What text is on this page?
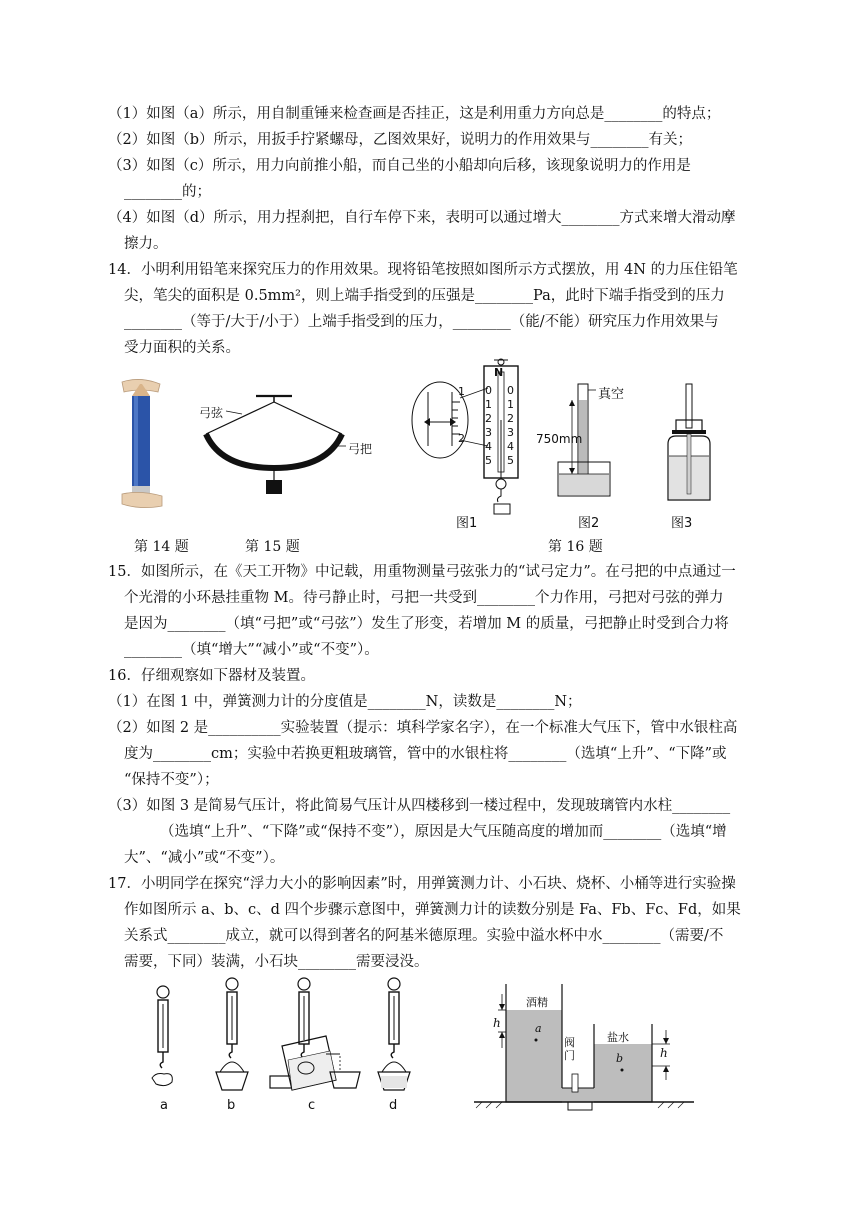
（1）如图（a）所示，用自制重锤来检查画是否挂正，这是利用重力方向总是________的特点；
（2）如图（b）所示，用扳手拧紧螺母，乙图效果好，说明力的作用效果与________有关；
（3）如图（c）所示，用力向前推小船，而自己坐的小船却向后移，该现象说明力的作用是
________的；
（4）如图（d）所示，用力捏刹把，自行车停下来，表明可以通过增大________方式来增大滑动摩
擦力。
14．小明利用铅笔来探究压力的作用效果。现将铅笔按照如图所示方式摆放，用 4N 的力压住铅笔
尖，笔尖的面积是 0.5mm²，则上端手指受到的压强是________Pa，此时下端手指受到的压力
________（等于/大于/小于）上端手指受到的压力，________（能/不能）研究压力作用效果与
受力面积的关系。
15．如图所示，在《天工开物》中记载，用重物测量弓弦张力的“试弓定力”。在弓把的中点通过一
个光滑的小环悬挂重物 M。待弓静止时，弓把一共受到________个力作用，弓把对弓弦的弹力
是因为________（填“弓把”或“弓弦”）发生了形变，若增加 M 的质量，弓把静止时受到合力将
________（填“增大”“减小”或“不变”）。
16．仔细观察如下器材及装置。
（1）在图 1 中，弹簧测力计的分度值是________N，读数是________N；
（2）如图 2 是__________实验装置（提示：填科学家名字），在一个标准大气压下，管中水银柱高
度为________cm；实验中若换更粗玻璃管，管中的水银柱将________（选填“上升”、“下降”或
“保持不变”）；
（3）如图 3 是简易气压计，将此简易气压计从四楼移到一楼过程中，发现玻璃管内水柱________
（选填“上升”、“下降”或“保持不变”），原因是大气压随高度的增加而________（选填“增
大”、“减小”或“不变”）。
17．小明同学在探究“浮力大小的影响因素”时，用弹簧测力计、小石块、烧杯、小桶等进行实验操
作如图所示 a、b、c、d 四个步骤示意图中，弹簧测力计的读数分别是 Fa、Fb、Fc、Fd，如果
关系式________成立，就可以得到著名的阿基米德原理。实验中溢水杯中水________（需要/不
需要，下同）装满，小石块________需要浸没。
第 14 题	第 15 题	第 16 题
弓弦
弓把
1
2
N
0
1
2
3
4
5
0
1
2
3
4
5
图1
真空
750mm
图2	图3
a	b	c	d
酒精
盐水
阀门
h
h
a
b
